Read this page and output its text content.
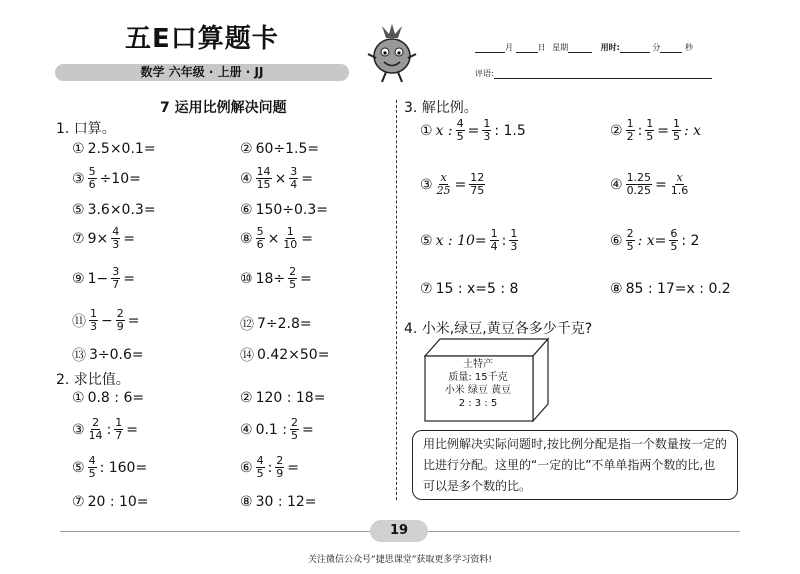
五E口算题卡
数学 六年级 · 上册 · JJ
月	日 星期	用时:	分	秒
评语:
7 运用比例解决问题
1. 口算。
① 2.5×0.1=	② 60÷1.5=
③ $\frac{5}{6} \div 10=$	④ $\frac{14}{15} \times \frac{3}{4}$ =
⑤ 3.6×0.3=	⑥ 150÷0.3=
⑦ $9\times \frac{4}{3}$ =	⑧ $\frac{5}{6} \times \frac{1}{10}$ =
⑨ $1- \frac{3}{7}$ =	⑩ $18\div \frac{2}{5}$ =
⑪ $\frac{1}{3} - \frac{2}{9}$ =	⑫ 7÷2.8=
⑬ 3÷0.6=	⑭ 0.42×50=
2. 求比值。
① 0.8 : 6=	② 120 : 18=
③ $\frac{2}{14}$ : $\frac{1}{7}$ =	④ 0.1 : $\frac{2}{5}$ =
⑤ $\frac{4}{5}$ : 160=	⑥ $\frac{4}{5}$ : $\frac{2}{9}$ =
⑦ 20 : 10=	⑧ 30 : 12=
3. 解比例。
① x : $\frac{4}{5} = \frac{1}{3}$ : 1.5	② $\frac{1}{2}$ : $\frac{1}{5} = \frac{1}{5}$ : x
③ $\frac{x}{25} = \frac{12}{75}$	④ $\frac{1.25}{0.25} = \frac{x}{1.6}$
⑤ x : $10= \frac{1}{4}$ : $\frac{1}{3}$	⑥ $\frac{2}{5}$ : $x= \frac{6}{5}$ : 2
⑦ 15 : x=5 : 8	⑧ 85 : 17=x : 0.2
4. 小米,绿豆,黄豆各多少千克?
土特产
质量: 15千克
小米 绿豆 黄豆
2 : 3 : 5
用比例解决实际问题时,按比例分配是指一个数量按一定的比进行分配。这里的“一定的比”不单单指两个数的比,也可以是多个数的比。
19
关注微信公众号“捷思课堂”获取更多学习资料!
